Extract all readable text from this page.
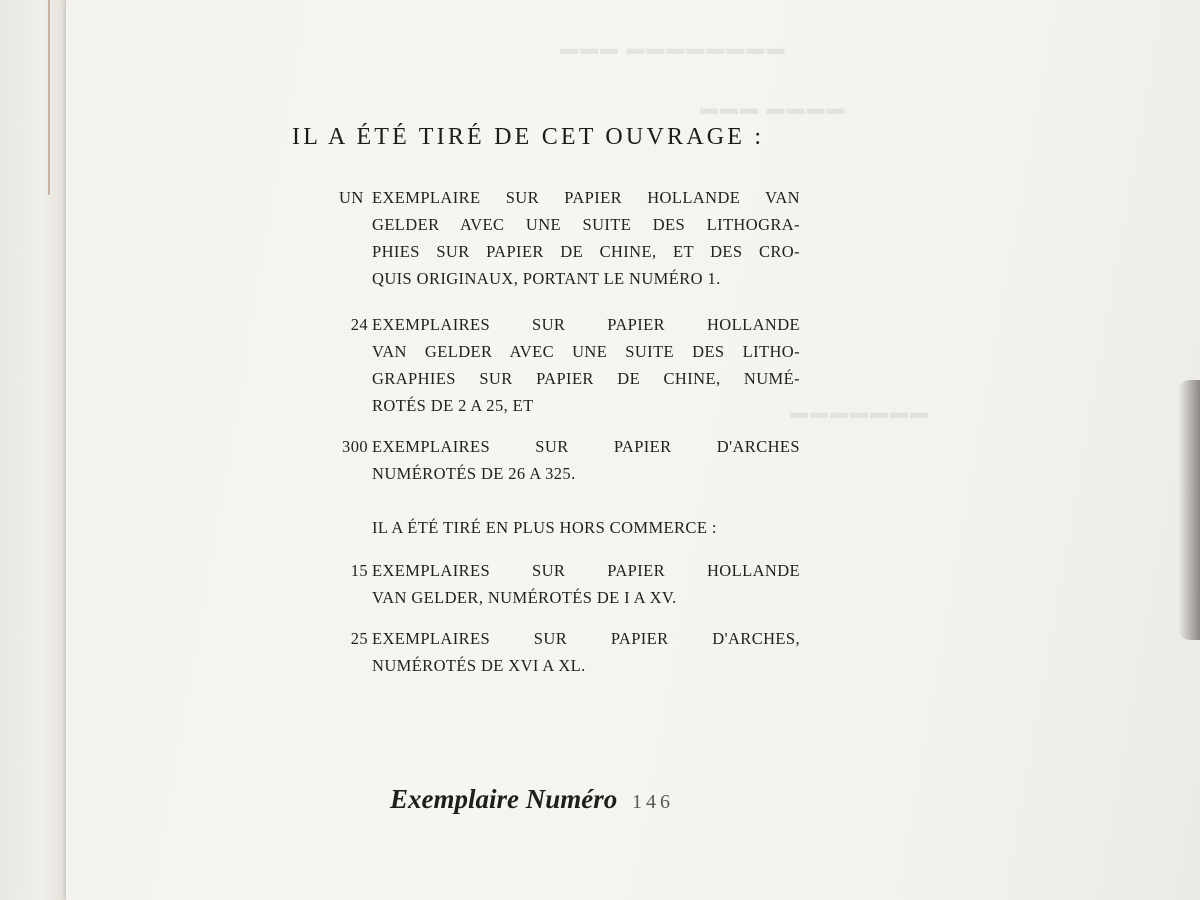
▬▬▬ ▬▬▬▬▬▬▬▬
▬▬▬ ▬▬▬▬
▬▬▬▬▬▬▬
IL A ÉTÉ TIRÉ DE CET OUVRAGE :
UN EXEMPLAIRE SUR PAPIER HOLLANDE VAN
GELDER AVEC UNE SUITE DES LITHOGRA-
PHIES SUR PAPIER DE CHINE, ET DES CRO-
QUIS ORIGINAUX, PORTANT LE NUMÉRO 1.
24 EXEMPLAIRES SUR PAPIER HOLLANDE
VAN GELDER AVEC UNE SUITE DES LITHO-
GRAPHIES SUR PAPIER DE CHINE, NUMÉ-
ROTÉS DE 2 A 25, ET
300 EXEMPLAIRES SUR PAPIER D'ARCHES
NUMÉROTÉS DE 26 A 325.
IL A ÉTÉ TIRÉ EN PLUS HORS COMMERCE :
15 EXEMPLAIRES SUR PAPIER HOLLANDE
VAN GELDER, NUMÉROTÉS DE I A XV.
25 EXEMPLAIRES SUR PAPIER D'ARCHES,
NUMÉROTÉS DE XVI A XL.
Exemplaire Numéro 146
